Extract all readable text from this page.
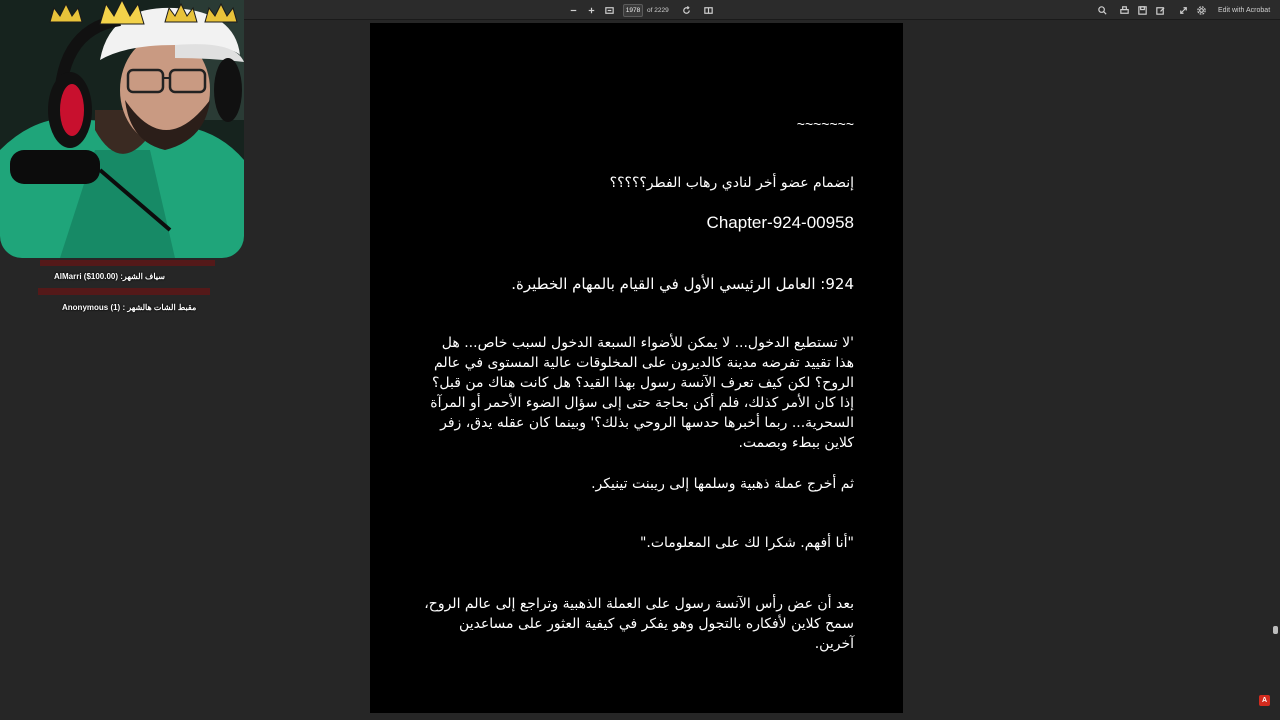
1978
of 2229	Edit with Acrobat
~~~~~~~
إنضمام عضو أخر لنادي رهاب الفطر؟؟؟؟؟
Chapter-924-00958
924: العامل الرئيسي الأول في القيام بالمهام الخطيرة.
'لا تستطيع الدخول... لا يمكن للأضواء السبعة الدخول لسبب خاص... هل هذا تقييد تفرضه مدينة كالديرون على المخلوقات عالية المستوى في عالم الروح؟ لكن كيف تعرف الآنسة رسول بهذا القيد؟ هل كانت هناك من قبل؟ إذا كان الأمر كذلك، فلم أكن بحاجة حتى إلى سؤال الضوء الأحمر أو المرآة السحرية... ربما أخبرها حدسها الروحي بذلك؟' وبينما كان عقله يدق، زفر كلاين ببطء وبصمت.
ثم أخرج عملة ذهبية وسلمها إلى ريبنت تينيكر.
"أنا أفهم. شكرا لك على المعلومات."
بعد أن عض رأس الآنسة رسول على العملة الذهبية وتراجع إلى عالم الروح، سمح كلاين لأفكاره بالتجول وهو يفكر في كيفية العثور على مساعدين آخرين.
A
AlMarri ($100.00) :سياف الشهر
Anonymous (1) : مقبط الشات هالشهر
